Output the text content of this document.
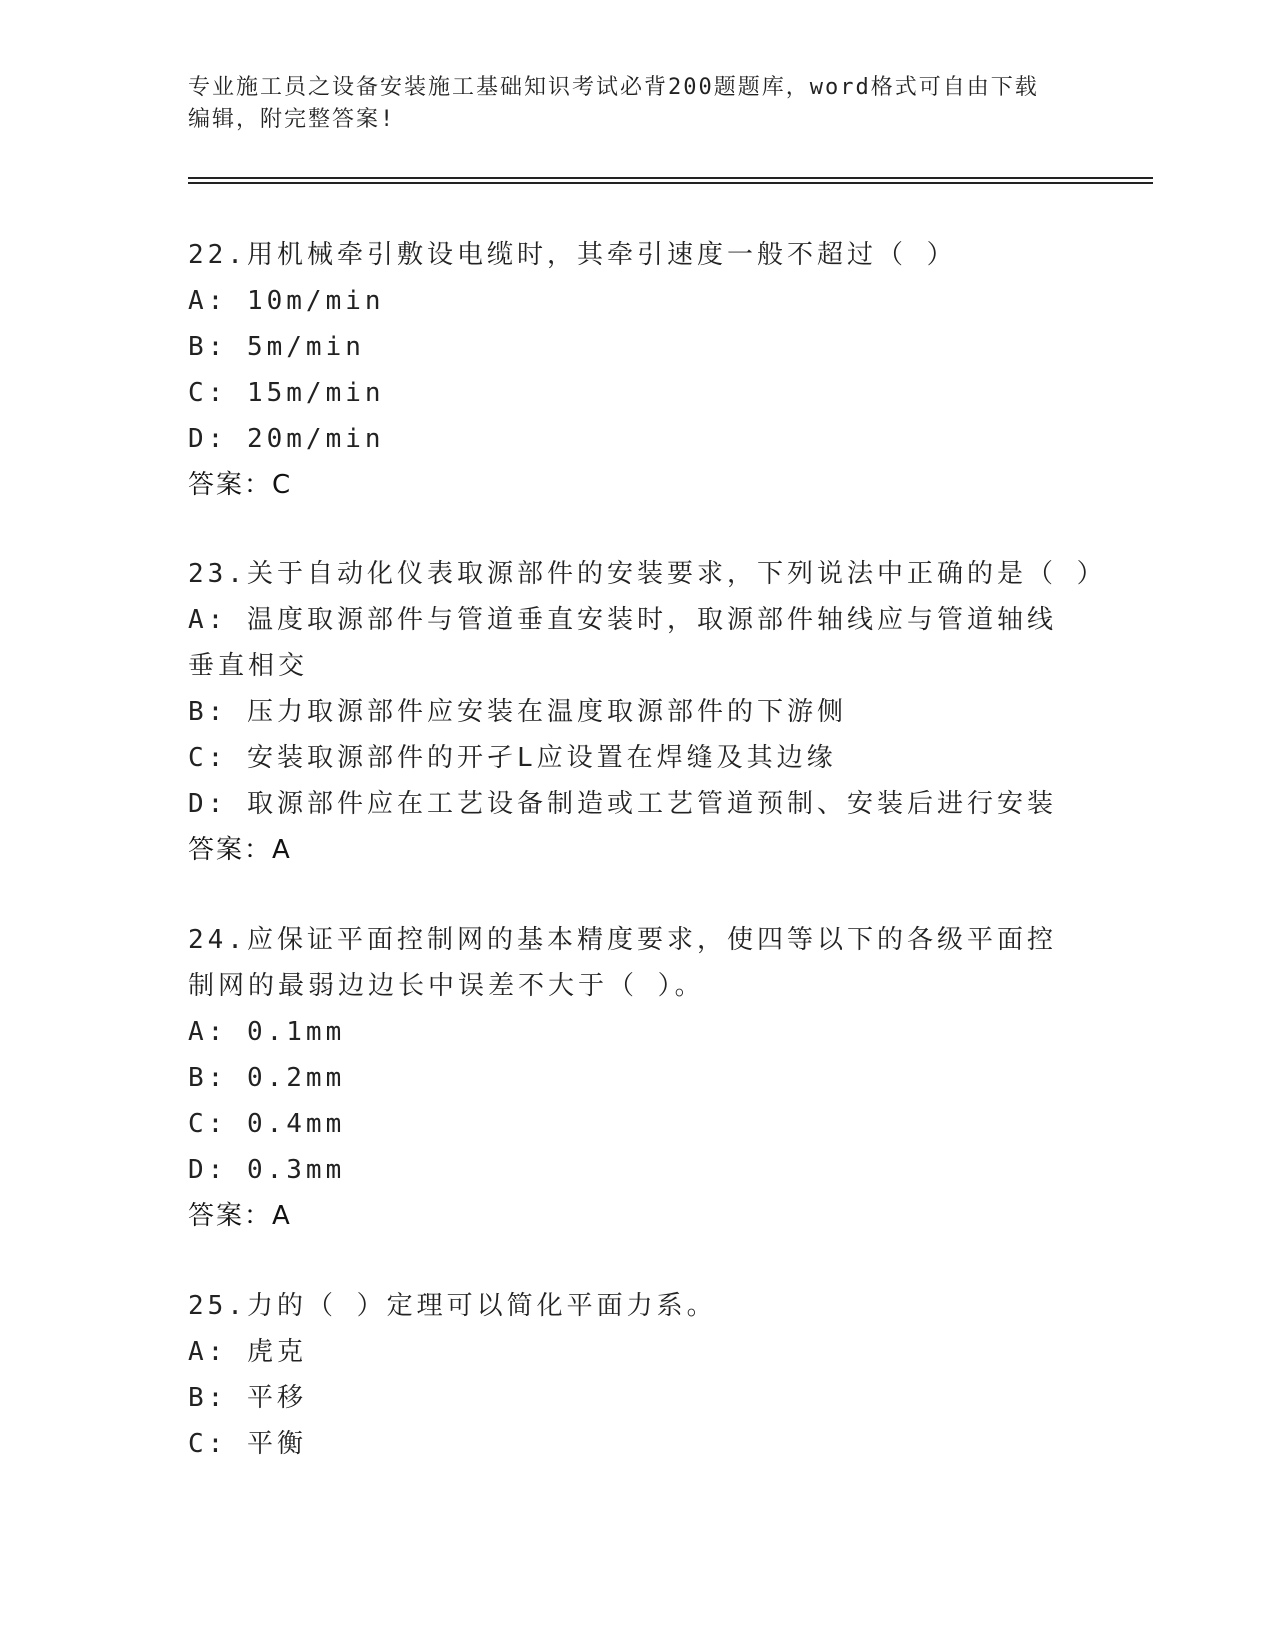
专业施工员之设备安装施工基础知识考试必背200题题库，word格式可自由下载
编辑，附完整答案!
22.用机械牵引敷设电缆时，其牵引速度一般不超过（ ）
A: 10m/min
B: 5m/min
C: 15m/min
D: 20m/min
答案：C
23.关于自动化仪表取源部件的安装要求，下列说法中正确的是（ ）
A: 温度取源部件与管道垂直安装时，取源部件轴线应与管道轴线垂直相交
B: 压力取源部件应安装在温度取源部件的下游侧
C: 安装取源部件的开孑L应设置在焊缝及其边缘
D: 取源部件应在工艺设备制造或工艺管道预制、安装后进行安装
答案：A
24.应保证平面控制网的基本精度要求，使四等以下的各级平面控制网的最弱边边长中误差不大于（ ）。
A: 0.1mm
B: 0.2mm
C: 0.4mm
D: 0.3mm
答案：A
25.力的（ ）定理可以简化平面力系。
A: 虎克
B: 平移
C: 平衡
